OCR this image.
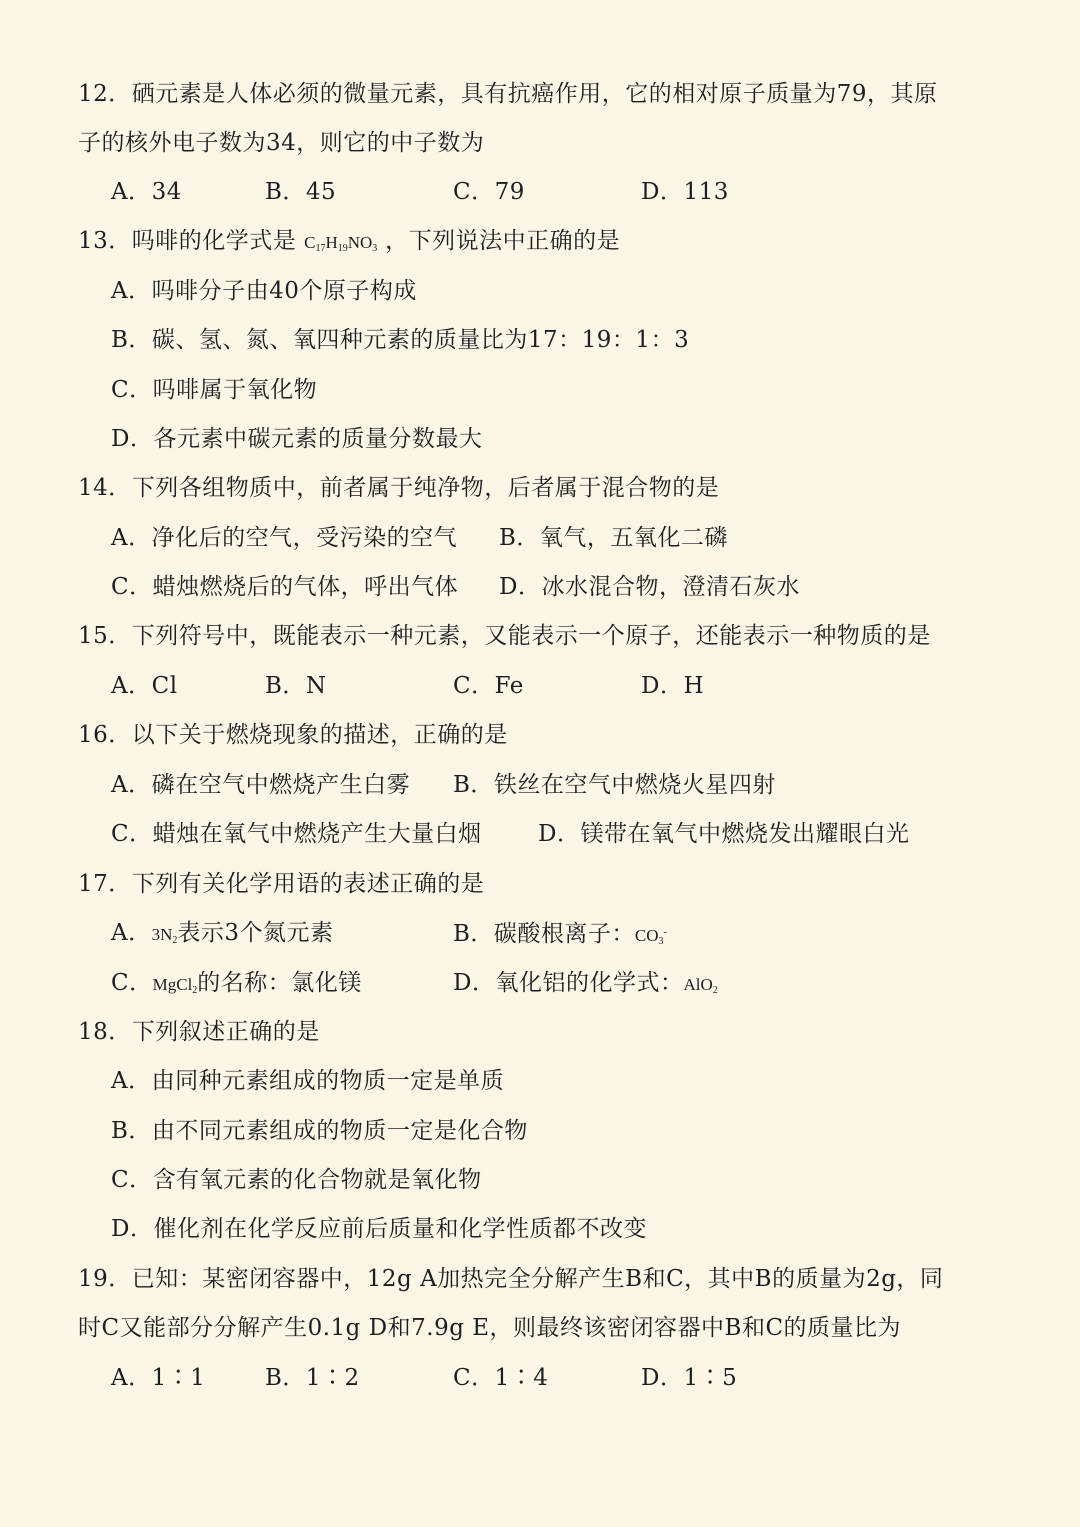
12．硒元素是人体必须的微量元素，具有抗癌作用，它的相对原子质量为79，其原
子的核外电子数为34，则它的中子数为
A．34	B．45	C．79	D．113
13．吗啡的化学式是 $C_{17}H_{19}NO_3$ ，下列说法中正确的是
A．吗啡分子由40个原子构成
B．碳、氢、氮、氧四种元素的质量比为17：19：1：3
C．吗啡属于氧化物
D．各元素中碳元素的质量分数最大
14．下列各组物质中，前者属于纯净物，后者属于混合物的是
A．净化后的空气，受污染的空气 B．氧气，五氧化二磷
C．蜡烛燃烧后的气体，呼出气体 D．冰水混合物，澄清石灰水
15．下列符号中，既能表示一种元素，又能表示一个原子，还能表示一种物质的是
A．Cl	B．N	C．Fe	D．H
16．以下关于燃烧现象的描述，正确的是
A．磷在空气中燃烧产生白雾 B．铁丝在空气中燃烧火星四射
C．蜡烛在氧气中燃烧产生大量白烟 D．镁带在氧气中燃烧发出耀眼白光
17．下列有关化学用语的表述正确的是
A．$3N_2$表示3个氮元素	B．碳酸根离子：$CO_3^-$
C．MgCl$_2$的名称：氯化镁	D．氧化铝的化学式：AlO$_2$
18．下列叙述正确的是
A．由同种元素组成的物质一定是单质
B．由不同元素组成的物质一定是化合物
C．含有氧元素的化合物就是氧化物
D．催化剂在化学反应前后质量和化学性质都不改变
19．已知：某密闭容器中，12g A加热完全分解产生B和C，其中B的质量为2g，同
时C又能部分分解产生0.1g D和7.9g E，则最终该密闭容器中B和C的质量比为
A．1∶1	B．1∶2	C．1∶4	D．1∶5
